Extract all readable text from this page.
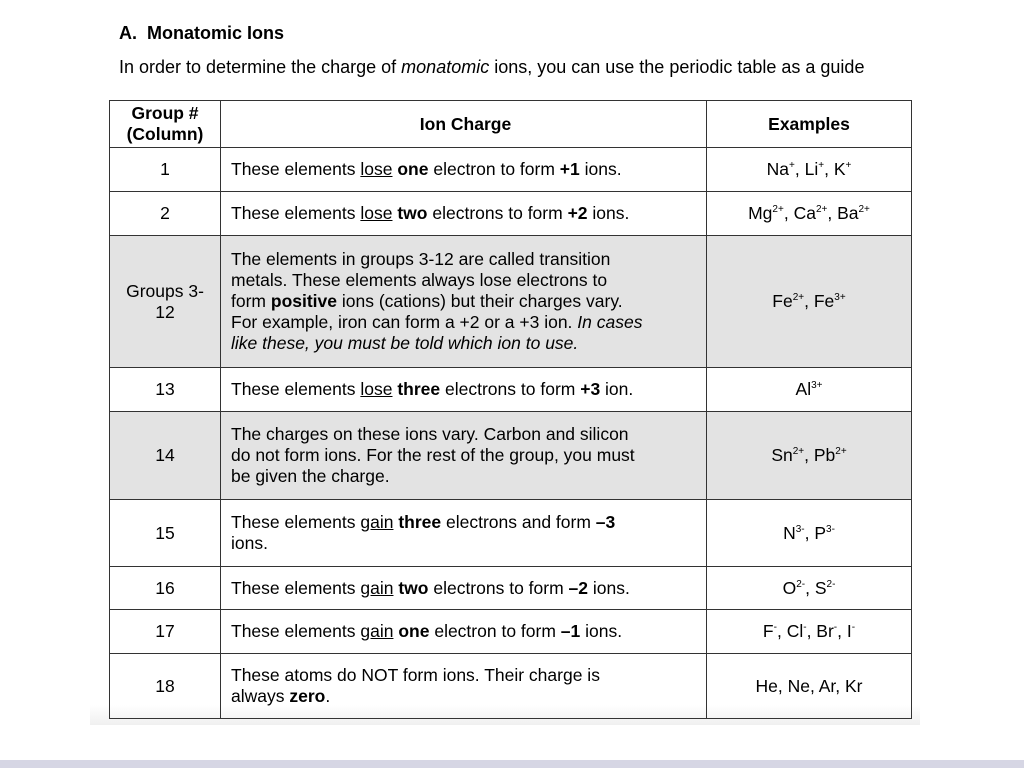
A.  Monatomic Ions
In order to determine the charge of monatomic ions, you can use the periodic table as a guide
Group #
(Column)	Ion Charge	Examples
1	These elements lose one electron to form +1 ions.	Na+, Li+, K+
2	These elements lose two electrons to form +2 ions.	$Mg^{2+}$, $Ca^{2+}$, $Ba^{2+}$
Groups 3-
12	The elements in groups 3-12 are called transition
metals. These elements always lose electrons to
form positive ions (cations) but their charges vary.
For example, iron can form a +2 or a +3 ion. In cases
like these, you must be told which ion to use.	$Fe^{2+}$, $Fe^{3+}$
13	These elements lose three electrons to form +3 ion.	$Al^{3+}$
14	The charges on these ions vary. Carbon and silicon
do not form ions. For the rest of the group, you must
be given the charge.	$Sn^{2+}$, $Pb^{2+}$
15	These elements gain three electrons and form –3
ions.	$N^{3-}$, $P^{3-}$
16	These elements gain two electrons to form –2 ions.	$O^{2-}$, $S^{2-}$
17	These elements gain one electron to form –1 ions.	F-, Cl-, Br-, I-
18	These atoms do NOT form ions. Their charge is
always zero.	He, Ne, Ar, Kr
